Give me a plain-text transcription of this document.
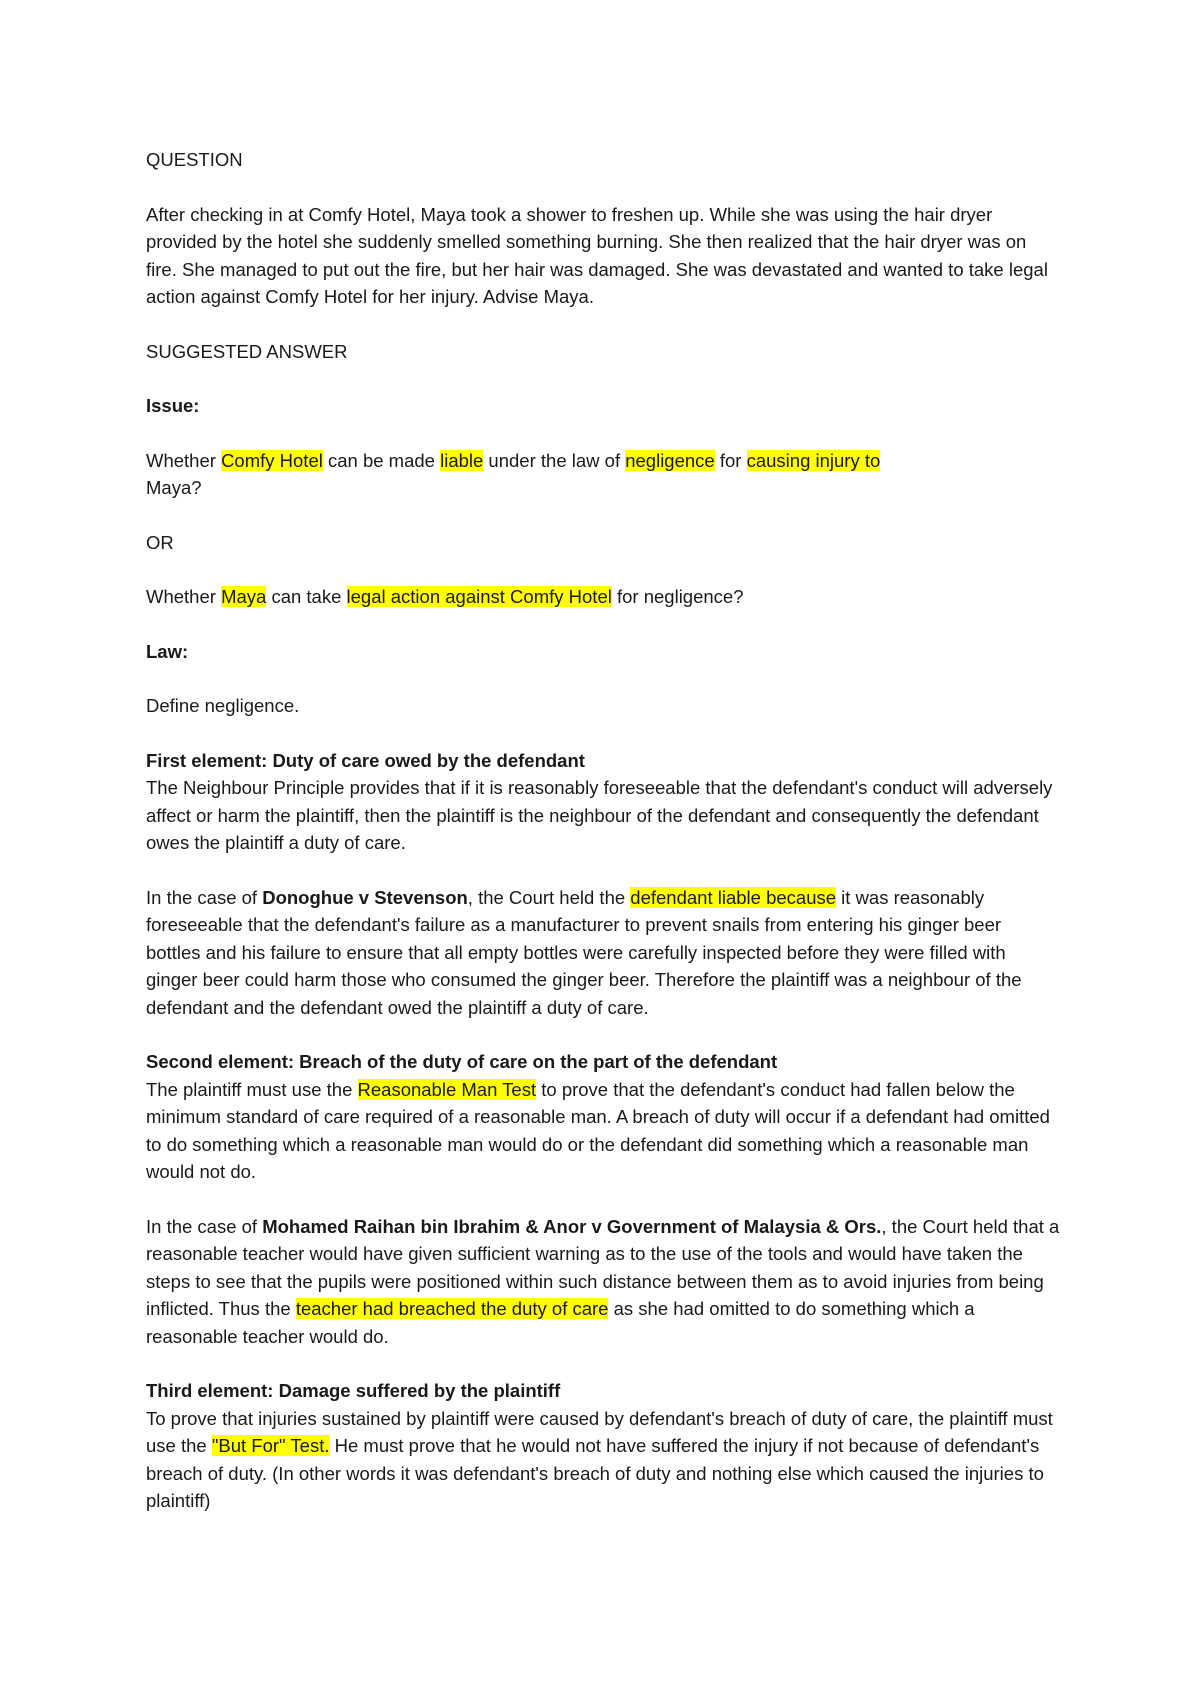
QUESTION

After checking in at Comfy Hotel, Maya took a shower to freshen up. While she was using the hair dryer provided by the hotel she suddenly smelled something burning. She then realized that the hair dryer was on fire. She managed to put out the fire, but her hair was damaged. She was devastated and wanted to take legal action against Comfy Hotel for her injury. Advise Maya.

SUGGESTED ANSWER

Issue:

Whether Comfy Hotel can be made liable under the law of negligence for causing injury to
Maya?

OR

Whether Maya can take legal action against Comfy Hotel for negligence?

Law:

Define negligence.

First element: Duty of care owed by the defendant

The Neighbour Principle provides that if it is reasonably foreseeable that the defendant's conduct will adversely affect or harm the plaintiff, then the plaintiff is the neighbour of the defendant and consequently the defendant owes the plaintiff a duty of care.

In the case of Donoghue v Stevenson, the Court held the defendant liable because it was reasonably foreseeable that the defendant's failure as a manufacturer to prevent snails from entering his ginger beer bottles and his failure to ensure that all empty bottles were carefully inspected before they were filled with ginger beer could harm those who consumed the ginger beer. Therefore the plaintiff was a neighbour of the defendant and the defendant owed the plaintiff a duty of care.

Second element: Breach of the duty of care on the part of the defendant

The plaintiff must use the Reasonable Man Test to prove that the defendant's conduct had fallen below the minimum standard of care required of a reasonable man. A breach of duty will occur if a defendant had omitted to do something which a reasonable man would do or the defendant did something which a reasonable man would not do.

In the case of Mohamed Raihan bin Ibrahim & Anor v Government of Malaysia & Ors., the Court held that a reasonable teacher would have given sufficient warning as to the use of the tools and would have taken the steps to see that the pupils were positioned within such distance between them as to avoid injuries from being inflicted. Thus the teacher had breached the duty of care as she had omitted to do something which a reasonable teacher would do.

Third element: Damage suffered by the plaintiff

To prove that injuries sustained by plaintiff were caused by defendant's breach of duty of care, the plaintiff must use the "But For" Test. He must prove that he would not have suffered the injury if not because of defendant's breach of duty. (In other words it was defendant's breach of duty and nothing else which caused the injuries to plaintiff)
